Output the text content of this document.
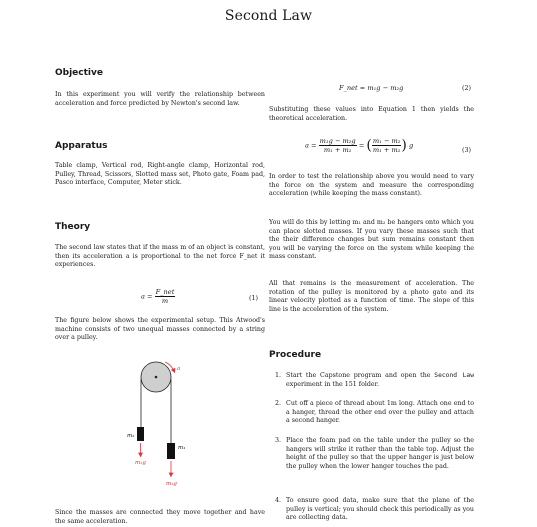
Second Law
Objective

In this experiment you will verify the relationship between acceleration and force predicted by Newton's second law.

Apparatus

Table clamp, Vertical rod, Right-angle clamp, Horizontal rod, Pulley, Thread, Scissors, Slotted mass set, Photo gate, Foam pad, Pasco interface, Computer, Meter stick.

Theory

The second law states that if the mass m of an object is constant, then its acceleration a is proportional to the net force F_net it experiences.

$a = \frac{\text{F\_net}}{m}$	(1)

The figure below shows the experimental setup. This Atwood's machine consists of two unequal masses connected by a string over a pulley.

a
m₂
m₂g
m₁
m₁g

Since the masses are connected they move together and have the same acceleration.

F_net = m₁g − m₂g	(2)

Substituting these values into Equation 1 then yields the theoretical acceleration.

$a = \frac{\text{m₁g − m₂g}}{\text{m₁ + m₂}}$ = ( $\frac{\text{m₁ − m₂}}{\text{m₁ + m₂}}$ ) g
(3)

In order to test the relationship above you would need to vary the force on the system and measure the corresponding acceleration (while keeping the mass constant).

You will do this by letting m₁ and m₂ be hangers onto which you can place slotted masses. If you vary these masses such that the their difference changes but sum remains constant then you will be varying the force on the system while keeping the mass constant.

All that remains is the measurement of acceleration. The rotation of the pulley is monitored by a photo gate and its linear velocity plotted as a function of time. The slope of this line is the acceleration of the system.

Procedure
1. Start the Capstone program and open the Second Law experiment in the 151 folder.
2. Cut off a piece of thread about 1m long. Attach one end to a hanger, thread the other end over the pulley and attach a second hanger.
3. Place the foam pad on the table under the pulley so the hangers will strike it rather than the table top. Adjust the height of the pulley so that the upper hanger is just below the pulley when the lower hanger touches the pad.
4. To ensure good data, make sure that the plane of the pulley is vertical; you should check this periodically as you are collecting data.
